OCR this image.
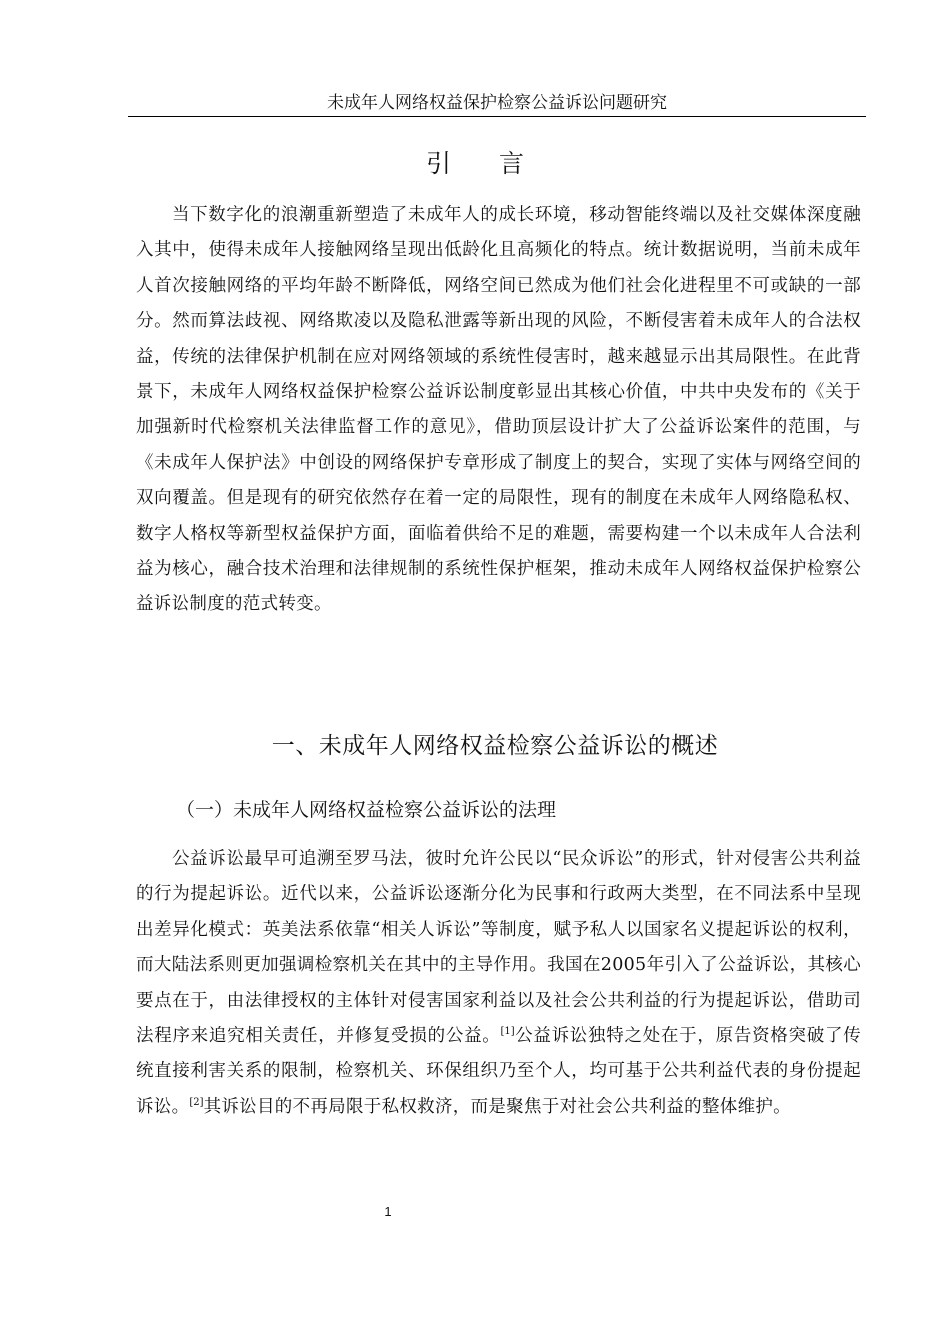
未成年人网络权益保护检察公益诉讼问题研究
引言

当下数字化的浪潮重新塑造了未成年人的成长环境，移动智能终端以及社交媒体深度融入其中，使得未成年人接触网络呈现出低龄化且高频化的特点。统计数据说明，当前未成年人首次接触网络的平均年龄不断降低，网络空间已然成为他们社会化进程里不可或缺的一部分。然而算法歧视、网络欺凌以及隐私泄露等新出现的风险，不断侵害着未成年人的合法权益，传统的法律保护机制在应对网络领域的系统性侵害时，越来越显示出其局限性。在此背景下，未成年人网络权益保护检察公益诉讼制度彰显出其核心价值，中共中央发布的《关于加强新时代检察机关法律监督工作的意见》，借助顶层设计扩大了公益诉讼案件的范围，与《未成年人保护法》中创设的网络保护专章形成了制度上的契合，实现了实体与网络空间的双向覆盖。但是现有的研究依然存在着一定的局限性，现有的制度在未成年人网络隐私权、数字人格权等新型权益保护方面，面临着供给不足的难题，需要构建一个以未成年人合法利益为核心，融合技术治理和法律规制的系统性保护框架，推动未成年人网络权益保护检察公益诉讼制度的范式转变。

一、未成年人网络权益检察公益诉讼的概述
（一）未成年人网络权益检察公益诉讼的法理

公益诉讼最早可追溯至罗马法，彼时允许公民以“民众诉讼”的形式，针对侵害公共利益的行为提起诉讼。近代以来，公益诉讼逐渐分化为民事和行政两大类型，在不同法系中呈现出差异化模式：英美法系依靠“相关人诉讼”等制度，赋予私人以国家名义提起诉讼的权利，而大陆法系则更加强调检察机关在其中的主导作用。我国在2005年引入了公益诉讼，其核心要点在于，由法律授权的主体针对侵害国家利益以及社会公共利益的行为提起诉讼，借助司法程序来追究相关责任，并修复受损的公益。[1]公益诉讼独特之处在于，原告资格突破了传统直接利害关系的限制，检察机关、环保组织乃至个人，均可基于公共利益代表的身份提起诉讼。[2]其诉讼目的不再局限于私权救济，而是聚焦于对社会公共利益的整体维护。

1
